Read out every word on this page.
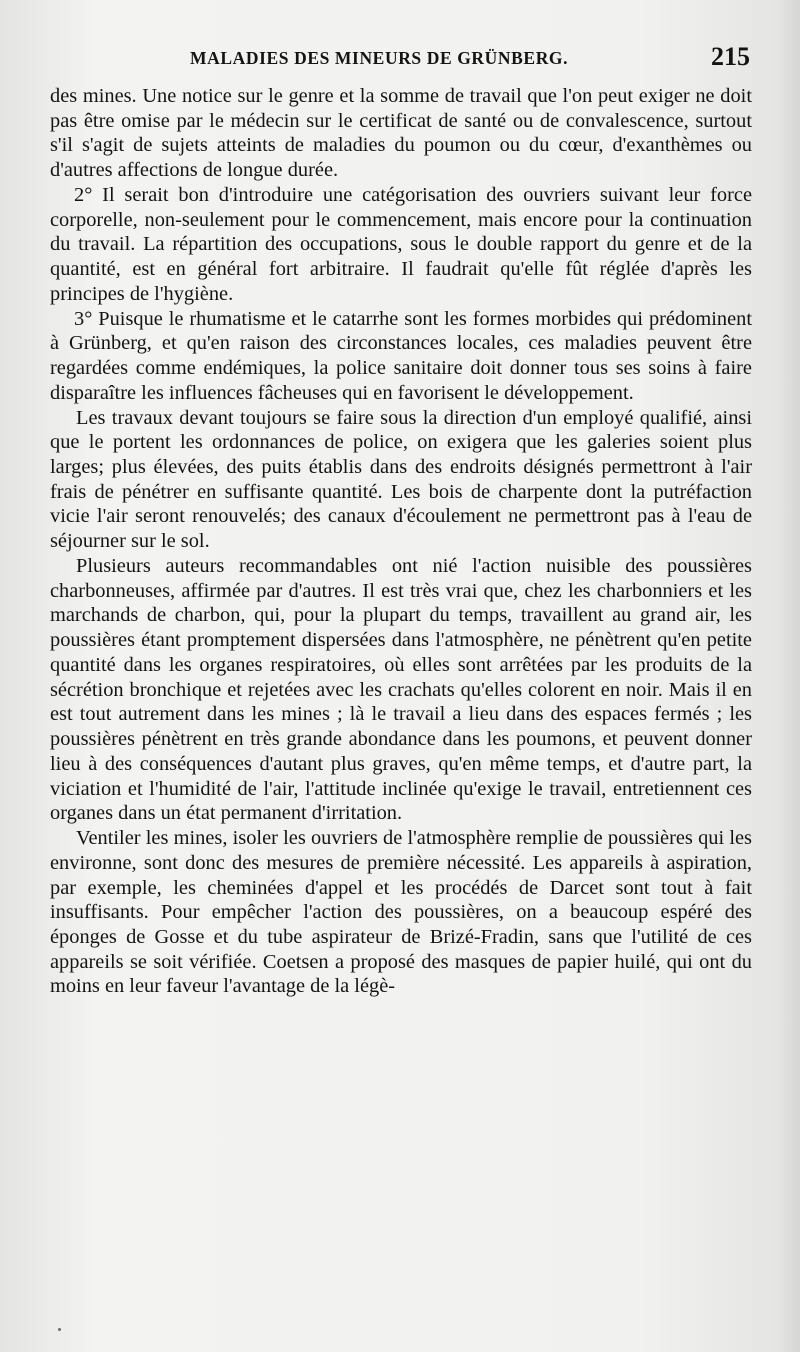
MALADIES DES MINEURS DE GRÜNBERG.	215

des mines. Une notice sur le genre et la somme de travail que l'on peut exiger ne doit pas être omise par le médecin sur le certificat de santé ou de convalescence, surtout s'il s'agit de sujets atteints de maladies du poumon ou du cœur, d'exanthèmes ou d'autres affections de longue durée.

2° Il serait bon d'introduire une catégorisation des ouvriers suivant leur force corporelle, non-seulement pour le commencement, mais encore pour la continuation du travail. La répartition des occupations, sous le double rapport du genre et de la quantité, est en général fort arbitraire. Il faudrait qu'elle fût réglée d'après les principes de l'hygiène.

3° Puisque le rhumatisme et le catarrhe sont les formes morbides qui prédominent à Grünberg, et qu'en raison des circonstances locales, ces maladies peuvent être regardées comme endémiques, la police sanitaire doit donner tous ses soins à faire disparaître les influences fâcheuses qui en favorisent le développement.

Les travaux devant toujours se faire sous la direction d'un employé qualifié, ainsi que le portent les ordonnances de police, on exigera que les galeries soient plus larges; plus élevées, des puits établis dans des endroits désignés permettront à l'air frais de pénétrer en suffisante quantité. Les bois de charpente dont la putréfaction vicie l'air seront renouvelés; des canaux d'écoulement ne permettront pas à l'eau de séjourner sur le sol.

Plusieurs auteurs recommandables ont nié l'action nuisible des poussières charbonneuses, affirmée par d'autres. Il est très vrai que, chez les charbonniers et les marchands de charbon, qui, pour la plupart du temps, travaillent au grand air, les poussières étant promptement dispersées dans l'atmosphère, ne pénètrent qu'en petite quantité dans les organes respiratoires, où elles sont arrêtées par les produits de la sécrétion bronchique et rejetées avec les crachats qu'elles colorent en noir. Mais il en est tout autrement dans les mines ; là le travail a lieu dans des espaces fermés ; les poussières pénètrent en très grande abondance dans les poumons, et peuvent donner lieu à des conséquences d'autant plus graves, qu'en même temps, et d'autre part, la viciation et l'humidité de l'air, l'attitude inclinée qu'exige le travail, entretiennent ces organes dans un état permanent d'irritation.

Ventiler les mines, isoler les ouvriers de l'atmosphère remplie de poussières qui les environne, sont donc des mesures de première nécessité. Les appareils à aspiration, par exemple, les cheminées d'appel et les procédés de Darcet sont tout à fait insuffisants. Pour empêcher l'action des poussières, on a beaucoup espéré des éponges de Gosse et du tube aspirateur de Brizé-Fradin, sans que l'utilité de ces appareils se soit vérifiée. Coetsen a proposé des masques de papier huilé, qui ont du moins en leur faveur l'avantage de la légè-
